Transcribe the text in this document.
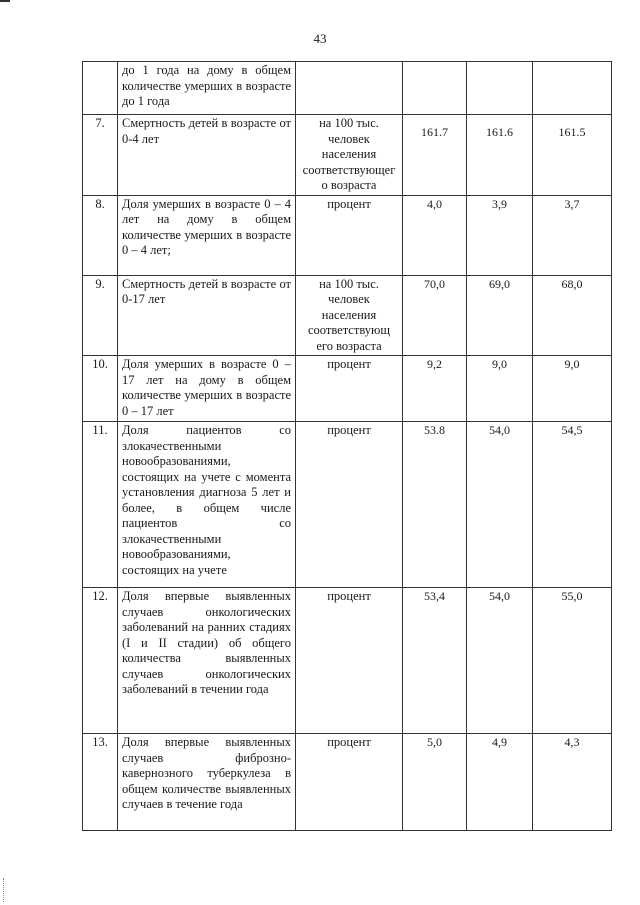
43
	до 1 года на дому в общем количестве умерших в возрасте до 1 года				
7.	Смертность детей в возрасте от 0-4 лет	на 100 тыс. человек населения соответствующег о возраста	161.7	161.6	161.5
8.	Доля умерших в возрасте 0 – 4 лет на дому в общем количестве умерших в возрасте 0 – 4 лет;	процент	4,0	3,9	3,7
9.	Смертность детей в возрасте от 0-17 лет	на 100 тыс. человек населения соответствующ его возраста	70,0	69,0	68,0
10.	Доля умерших в возрасте 0 – 17 лет на дому в общем количестве умерших в возрасте 0 – 17 лет	процент	9,2	9,0	9,0
11.	Доля пациентов со злокачественными новообразованиями, состоящих на учете с момента установления диагноза 5 лет и более, в общем числе пациентов со злокачественными новообразованиями, состоящих на учете	процент	53.8	54,0	54,5
12.	Доля впервые выявленных случаев онкологических заболеваний на ранних стадиях (I и II стадии) об общего количества выявленных случаев онкологических заболеваний в течении года	процент	53,4	54,0	55,0
13.	Доля впервые выявленных случаев фиброзно-кавернозного туберкулеза в общем количестве выявленных случаев в течение года	процент	5,0	4,9	4,3
